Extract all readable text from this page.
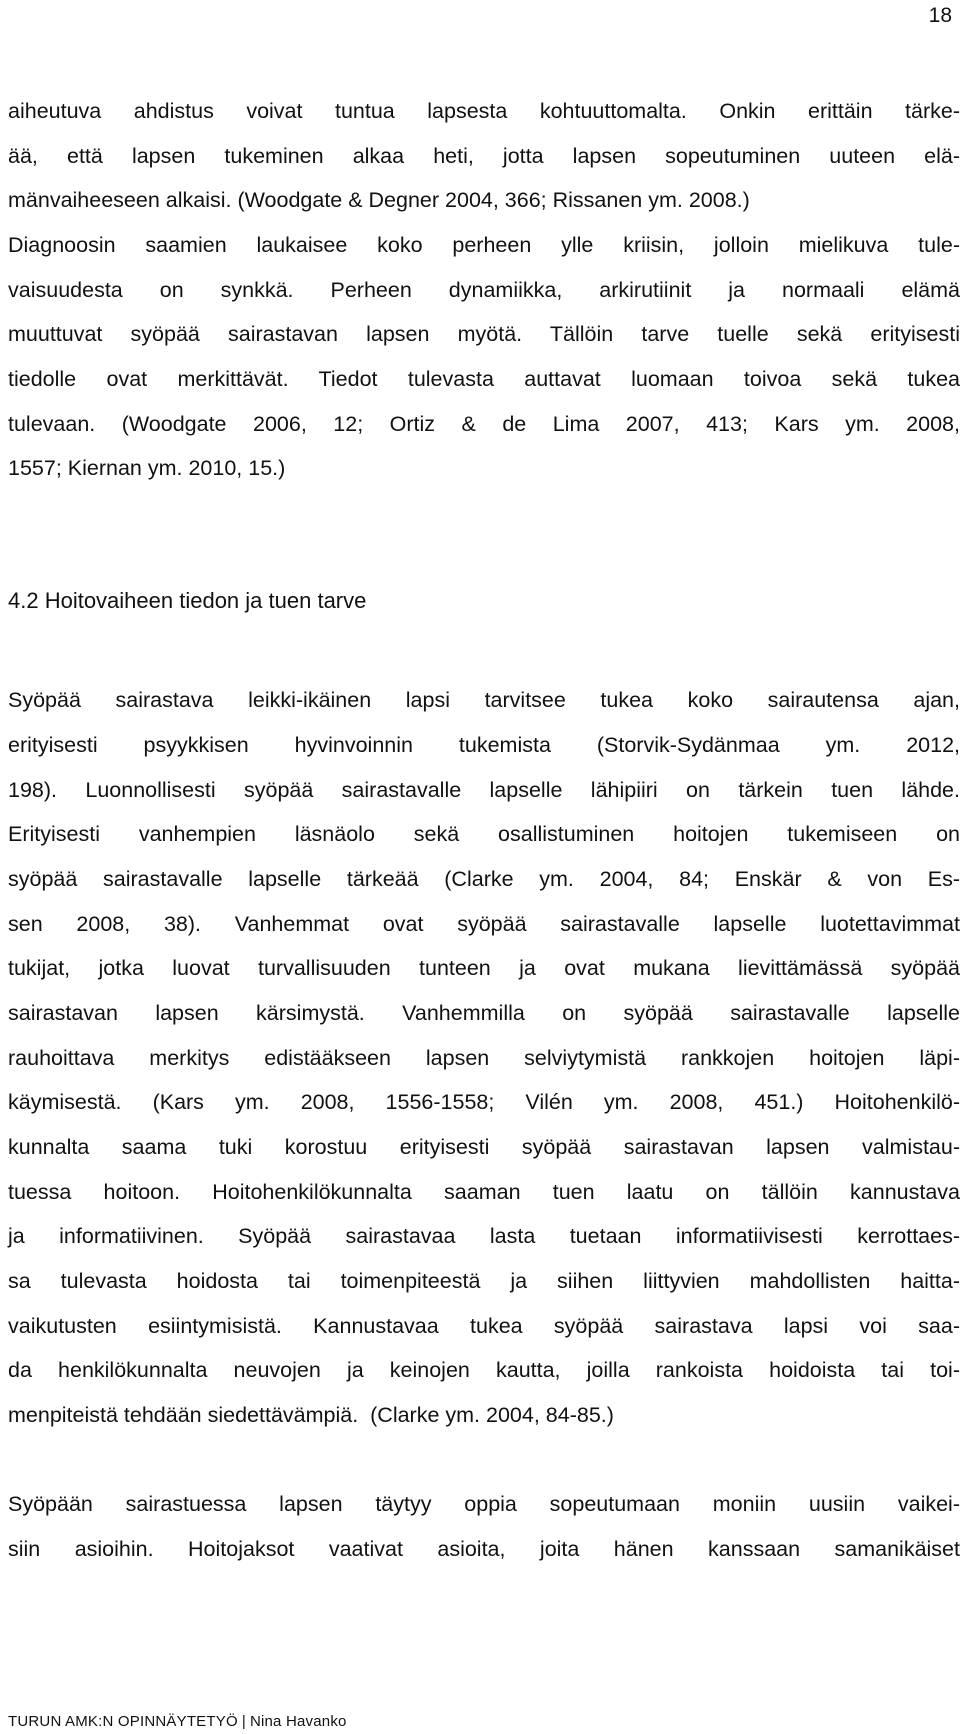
18
aiheutuva ahdistus voivat tuntua lapsesta kohtuuttomalta. Onkin erittäin tärke-
ää, että lapsen tukeminen alkaa heti, jotta lapsen sopeutuminen uuteen elä-
mänvaiheeseen alkaisi. (Woodgate & Degner 2004, 366; Rissanen ym. 2008.)
Diagnoosin saamien laukaisee koko perheen ylle kriisin, jolloin mielikuva tule-
vaisuudesta on synkkä. Perheen dynamiikka, arkirutiinit ja normaali elämä
muuttuvat syöpää sairastavan lapsen myötä. Tällöin tarve tuelle sekä erityisesti
tiedolle ovat merkittävät. Tiedot tulevasta auttavat luomaan toivoa sekä tukea
tulevaan. (Woodgate 2006, 12; Ortiz & de Lima 2007, 413; Kars ym. 2008,
1557; Kiernan ym. 2010, 15.)
4.2 Hoitovaiheen tiedon ja tuen tarve
Syöpää sairastava leikki-ikäinen lapsi tarvitsee tukea koko sairautensa ajan,
erityisesti psyykkisen hyvinvoinnin tukemista (Storvik-Sydänmaa ym. 2012,
198). Luonnollisesti syöpää sairastavalle lapselle lähipiiri on tärkein tuen lähde.
Erityisesti vanhempien läsnäolo sekä osallistuminen hoitojen tukemiseen on
syöpää sairastavalle lapselle tärkeää (Clarke ym. 2004, 84; Enskär & von Es-
sen 2008, 38). Vanhemmat ovat syöpää sairastavalle lapselle luotettavimmat
tukijat, jotka luovat turvallisuuden tunteen ja ovat mukana lievittämässä syöpää
sairastavan lapsen kärsimystä. Vanhemmilla on syöpää sairastavalle lapselle
rauhoittava merkitys edistääkseen lapsen selviytymistä rankkojen hoitojen läpi-
käymisestä. (Kars ym. 2008, 1556-1558; Vilén ym. 2008, 451.) Hoitohenkilö-
kunnalta saama tuki korostuu erityisesti syöpää sairastavan lapsen valmistau-
tuessa hoitoon. Hoitohenkilökunnalta saaman tuen laatu on tällöin kannustava
ja informatiivinen. Syöpää sairastavaa lasta tuetaan informatiivisesti kerrottaes-
sa tulevasta hoidosta tai toimenpiteestä ja siihen liittyvien mahdollisten haitta-
vaikutusten esiintymisistä. Kannustavaa tukea syöpää sairastava lapsi voi saa-
da henkilökunnalta neuvojen ja keinojen kautta, joilla rankoista hoidoista tai toi-
menpiteistä tehdään siedettävämpiä.  (Clarke ym. 2004, 84-85.)
Syöpään sairastuessa lapsen täytyy oppia sopeutumaan moniin uusiin vaikei-
siin asioihin. Hoitojaksot vaativat asioita, joita hänen kanssaan samanikäiset
TURUN AMK:N OPINNÄYTETYÖ | Nina Havanko
